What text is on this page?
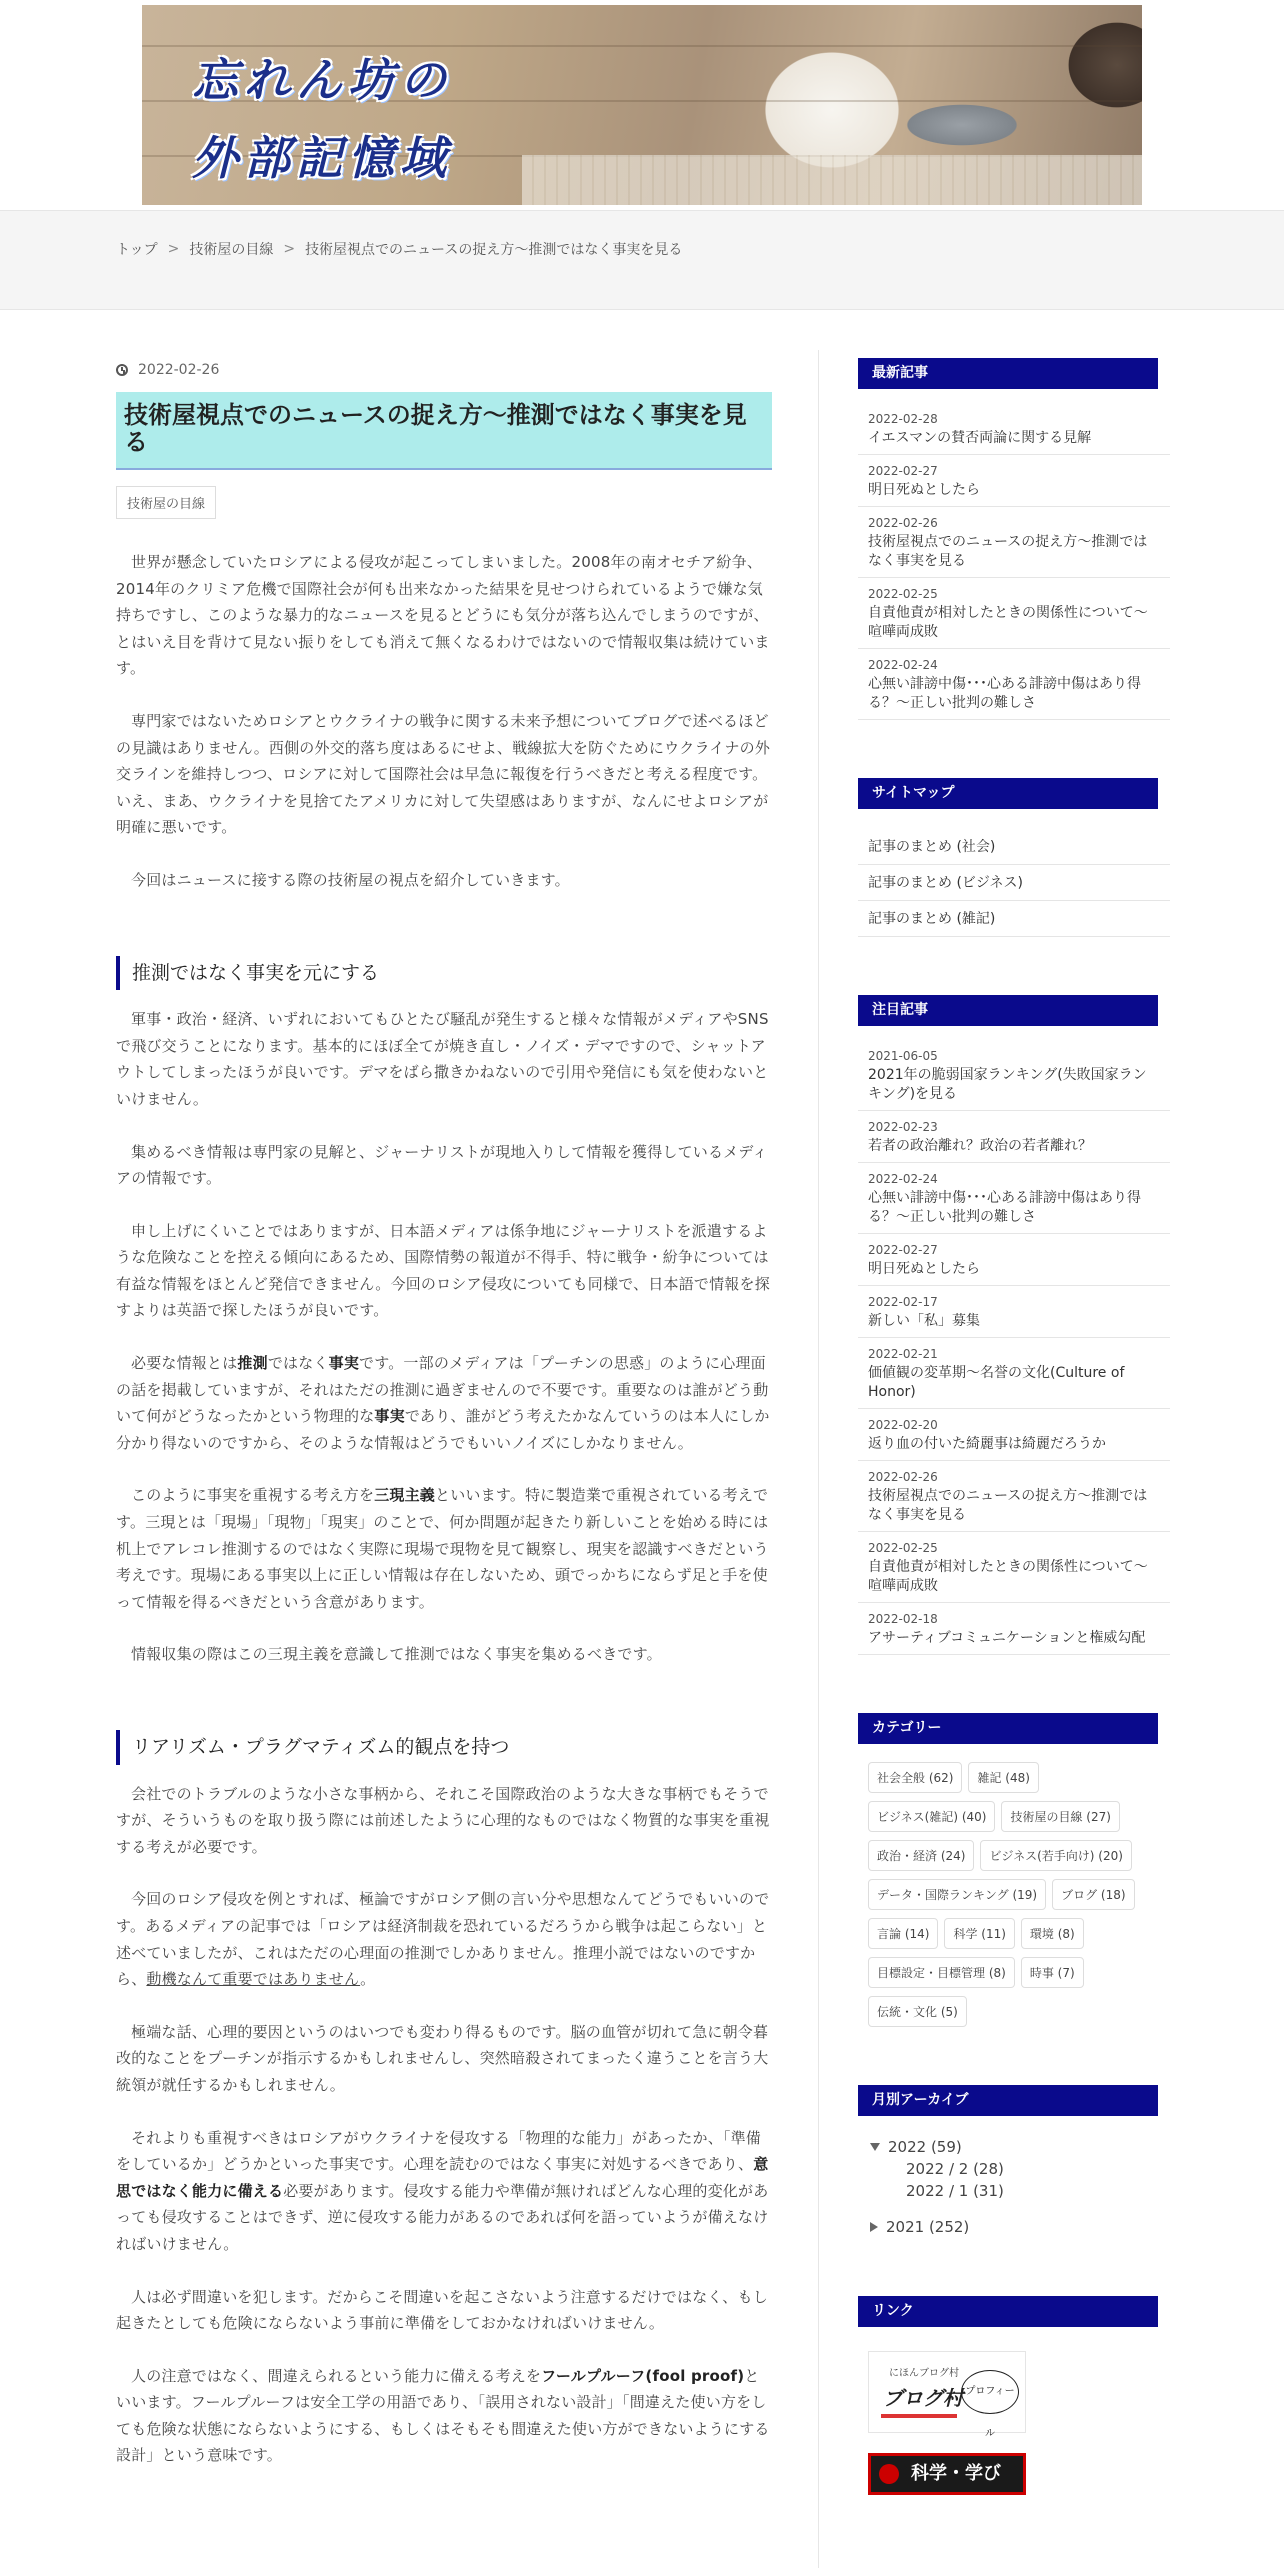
忘れん坊の
外部記憶域
トップ > 技術屋の目線 > 技術屋視点でのニュースの捉え方～推測ではなく事実を見る
2022-02-26
技術屋視点でのニュースの捉え方～推測ではなく事実を見る
技術屋の目線

世界が懸念していたロシアによる侵攻が起こってしまいました。2008年の南オセチア紛争、2014年のクリミア危機で国際社会が何も出来なかった結果を見せつけられているようで嫌な気持ちですし、このような暴力的なニュースを見るとどうにも気分が落ち込んでしまうのですが、とはいえ目を背けて見ない振りをしても消えて無くなるわけではないので情報収集は続けています。

専門家ではないためロシアとウクライナの戦争に関する未来予想についてブログで述べるほどの見識はありません。西側の外交的落ち度はあるにせよ、戦線拡大を防ぐためにウクライナの外交ラインを維持しつつ、ロシアに対して国際社会は早急に報復を行うべきだと考える程度です。いえ、まあ、ウクライナを見捨てたアメリカに対して失望感はありますが、なんにせよロシアが明確に悪いです。

今回はニュースに接する際の技術屋の視点を紹介していきます。

推測ではなく事実を元にする

軍事・政治・経済、いずれにおいてもひとたび騒乱が発生すると様々な情報がメディアやSNSで飛び交うことになります。基本的にほぼ全てが焼き直し・ノイズ・デマですので、シャットアウトしてしまったほうが良いです。デマをばら撒きかねないので引用や発信にも気を使わないといけません。

集めるべき情報は専門家の見解と、ジャーナリストが現地入りして情報を獲得しているメディアの情報です。

申し上げにくいことではありますが、日本語メディアは係争地にジャーナリストを派遣するような危険なことを控える傾向にあるため、国際情勢の報道が不得手、特に戦争・紛争については有益な情報をほとんど発信できません。今回のロシア侵攻についても同様で、日本語で情報を探すよりは英語で探したほうが良いです。

必要な情報とは推測ではなく事実です。一部のメディアは「プーチンの思惑」のように心理面の話を掲載していますが、それはただの推測に過ぎませんので不要です。重要なのは誰がどう動いて何がどうなったかという物理的な事実であり、誰がどう考えたかなんていうのは本人にしか分かり得ないのですから、そのような情報はどうでもいいノイズにしかなりません。

このように事実を重視する考え方を三現主義といいます。特に製造業で重視されている考えです。三現とは「現場」「現物」「現実」のことで、何か問題が起きたり新しいことを始める時には机上でアレコレ推測するのではなく実際に現場で現物を見て観察し、現実を認識すべきだという考えです。現場にある事実以上に正しい情報は存在しないため、頭でっかちにならず足と手を使って情報を得るべきだという含意があります。

情報収集の際はこの三現主義を意識して推測ではなく事実を集めるべきです。

リアリズム・プラグマティズム的観点を持つ

会社でのトラブルのような小さな事柄から、それこそ国際政治のような大きな事柄でもそうですが、そういうものを取り扱う際には前述したように心理的なものではなく物質的な事実を重視する考えが必要です。

今回のロシア侵攻を例とすれば、極論ですがロシア側の言い分や思想なんてどうでもいいのです。あるメディアの記事では「ロシアは経済制裁を恐れているだろうから戦争は起こらない」と述べていましたが、これはただの心理面の推測でしかありません。推理小説ではないのですから、動機なんて重要ではありません。

極端な話、心理的要因というのはいつでも変わり得るものです。脳の血管が切れて急に朝令暮改的なことをプーチンが指示するかもしれませんし、突然暗殺されてまったく違うことを言う大統領が就任するかもしれません。

それよりも重視すべきはロシアがウクライナを侵攻する「物理的な能力」があったか、「準備をしているか」どうかといった事実です。心理を読むのではなく事実に対処するべきであり、意思ではなく能力に備える必要があります。侵攻する能力や準備が無ければどんな心理的変化があっても侵攻することはできず、逆に侵攻する能力があるのであれば何を語っていようが備えなければいけません。

人は必ず間違いを犯します。だからこそ間違いを起こさないよう注意するだけではなく、もし起きたとしても危険にならないよう事前に準備をしておかなければいけません。

人の注意ではなく、間違えられるという能力に備える考えをフールプルーフ(fool proof)といいます。フールプルーフは安全工学の用語であり、「誤用されない設計」「間違えた使い方をしても危険な状態にならないようにする、もしくはそもそも間違えた使い方ができないようにする設計」という意味です。

最新記事
2022-02-28
イエスマンの賛否両論に関する見解
2022-02-27
明日死ぬとしたら
2022-02-26
技術屋視点でのニュースの捉え方～推測ではなく事実を見る
2022-02-25
自責他責が相対したときの関係性について～喧嘩両成敗
2022-02-24
心無い誹謗中傷･･･心ある誹謗中傷はあり得る？～正しい批判の難しさ
サイトマップ
記事のまとめ (社会)
記事のまとめ (ビジネス)
記事のまとめ (雑記)
注目記事
2021-06-05
2021年の脆弱国家ランキング(失敗国家ランキング)を見る
2022-02-23
若者の政治離れ？政治の若者離れ？
2022-02-24
心無い誹謗中傷･･･心ある誹謗中傷はあり得る？～正しい批判の難しさ
2022-02-27
明日死ぬとしたら
2022-02-17
新しい「私」募集
2022-02-21
価値観の変革期～名誉の文化(Culture of Honor)
2022-02-20
返り血の付いた綺麗事は綺麗だろうか
2022-02-26
技術屋視点でのニュースの捉え方～推測ではなく事実を見る
2022-02-25
自責他責が相対したときの関係性について～喧嘩両成敗
2022-02-18
アサーティブコミュニケーションと権威勾配
カテゴリー
社会全般 (62)	雑記 (48)
ビジネス(雑記) (40)	技術屋の目線 (27)
政治・経済 (24)	ビジネス(若手向け) (20)
データ・国際ランキング (19)	ブログ (18)
言論 (14)	科学 (11)	環境 (8)
目標設定・目標管理 (8)	時事 (7)
伝統・文化 (5)
月別アーカイブ
2022 (59)
2022 / 2 (28)
2022 / 1 (31)
2021 (252)
リンク
にほんブログ村
ブログ村 プロフィール
科学・学び
